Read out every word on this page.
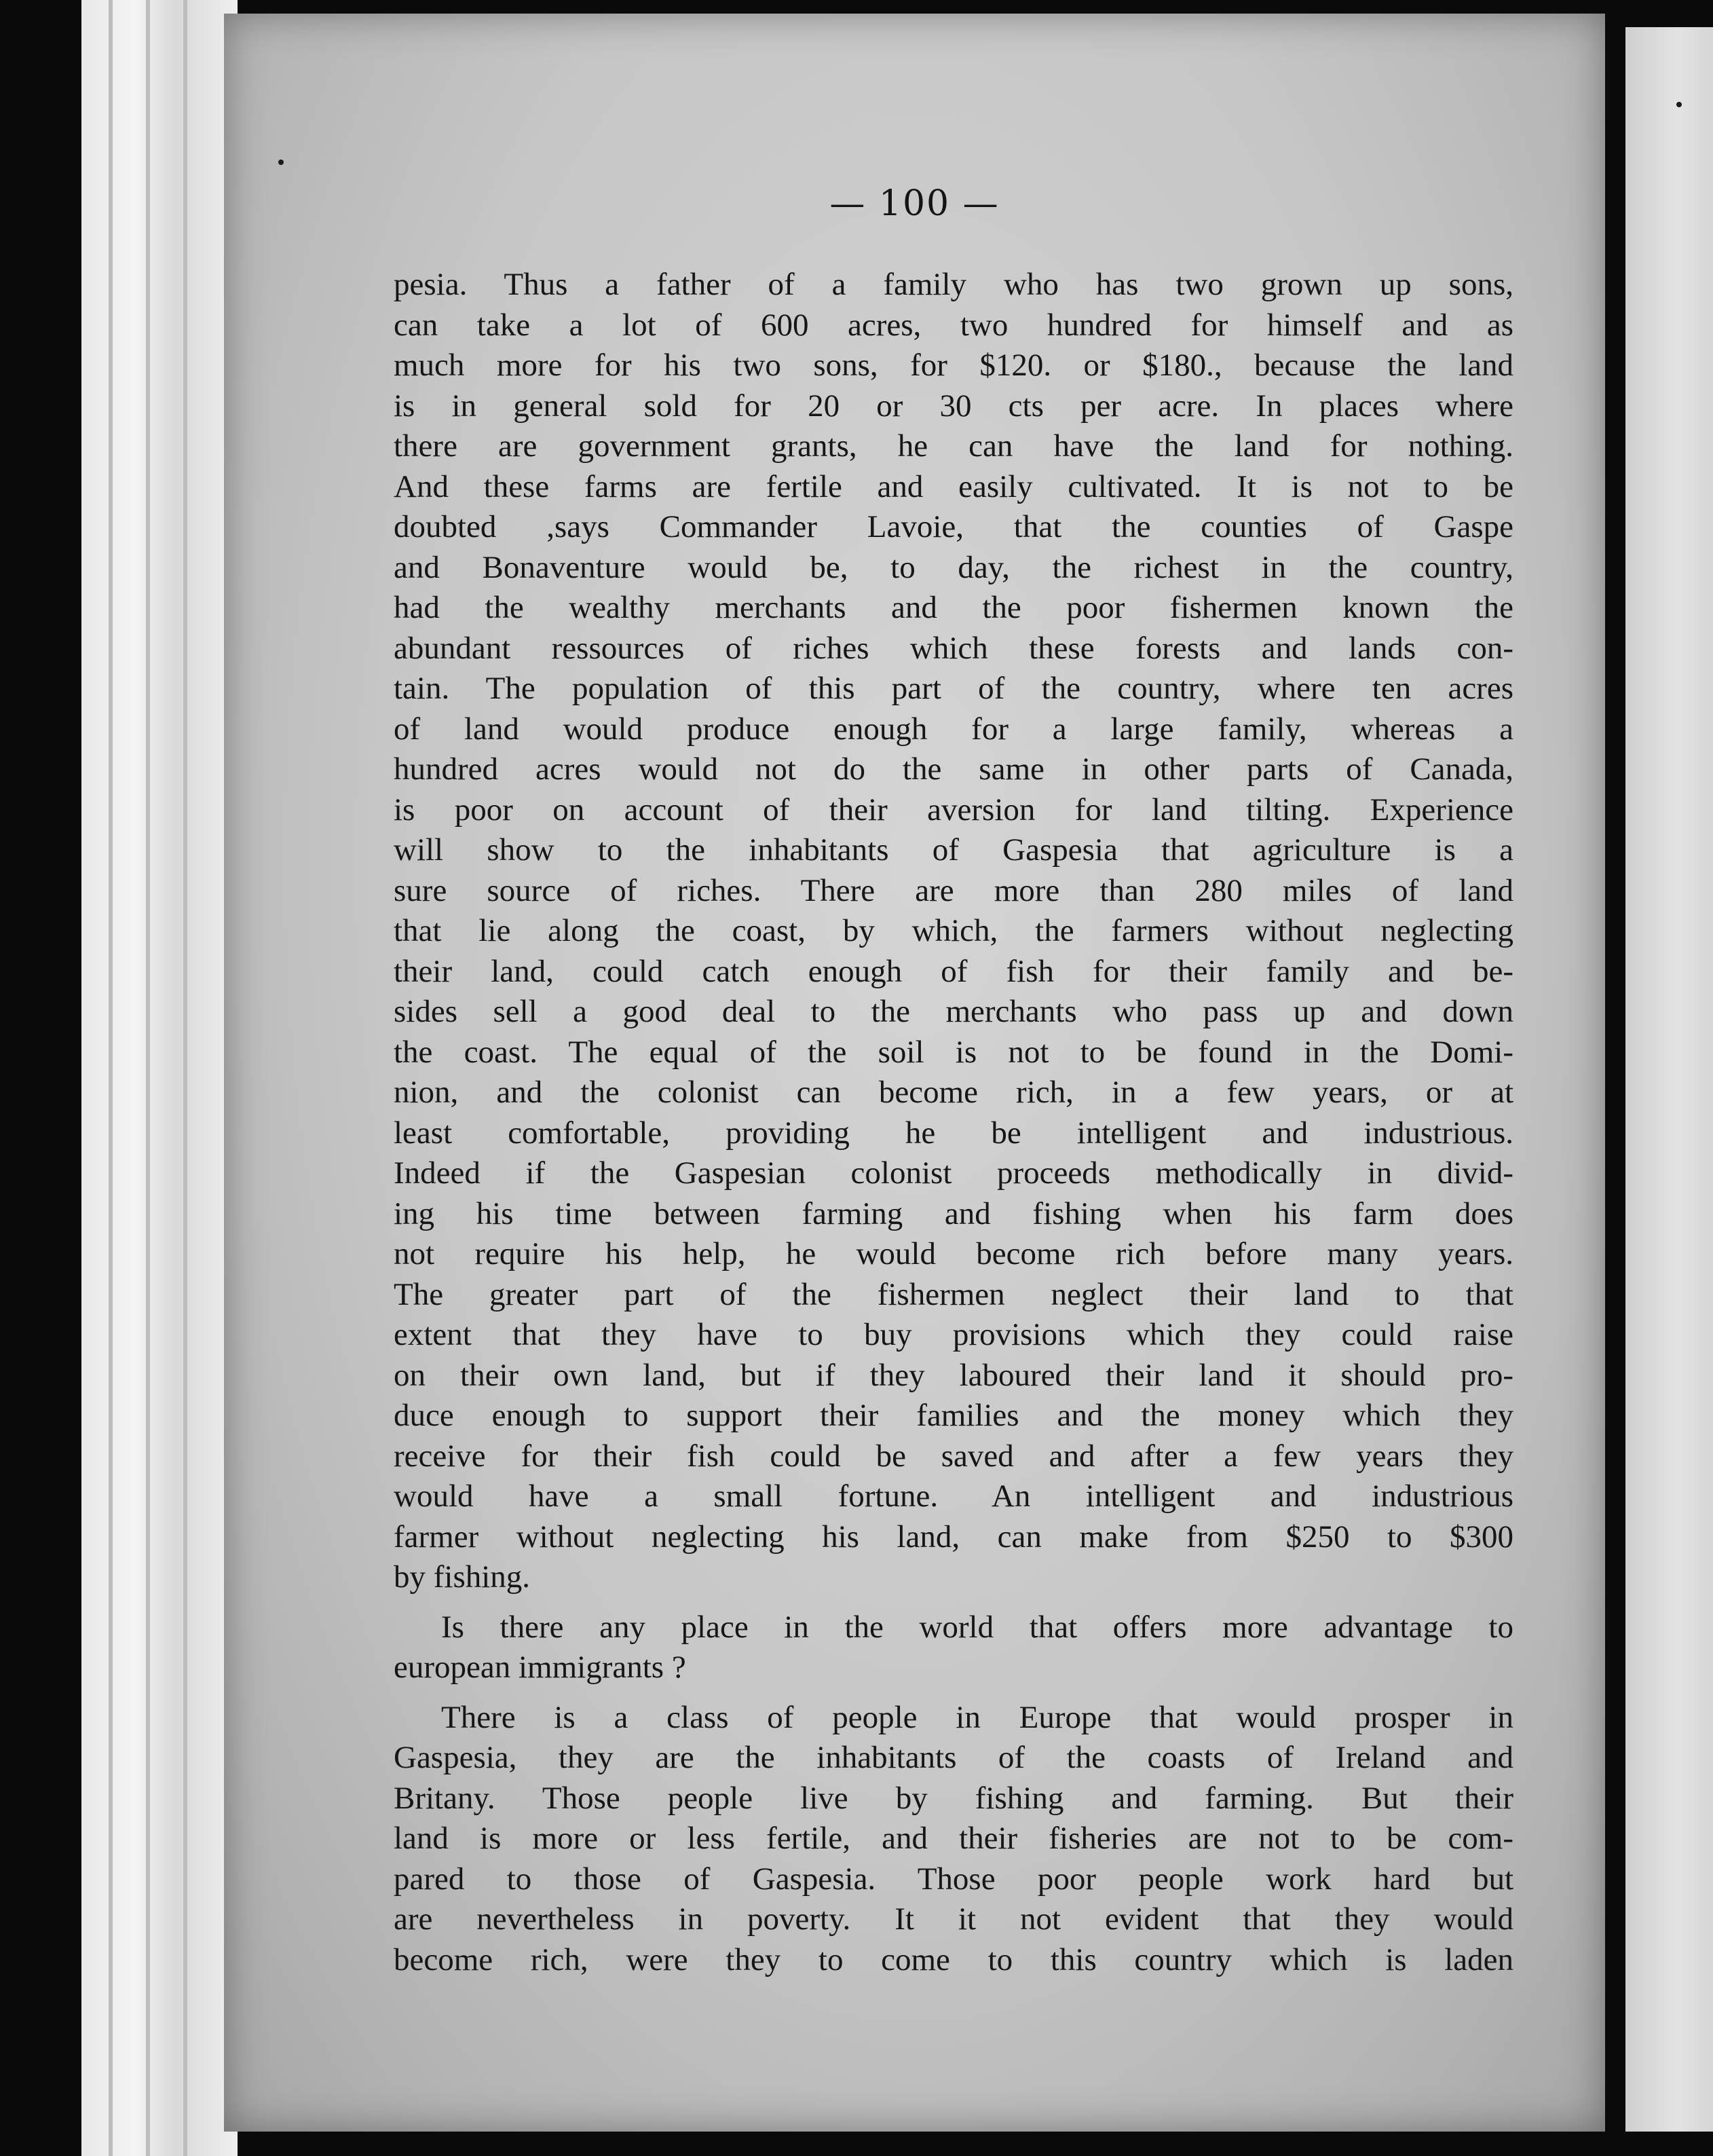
— 100 —
pesia. Thus a father of a family who has two grown up sons,
can take a lot of 600 acres, two hundred for himself and as
much more for his two sons, for $120. or $180., because the land
is in general sold for 20 or 30 cts per acre. In places where
there are government grants, he can have the land for nothing.
And these farms are fertile and easily cultivated. It is not to be
doubted ,says Commander Lavoie, that the counties of Gaspe
and Bonaventure would be, to day, the richest in the country,
had the wealthy merchants and the poor fishermen known the
abundant ressources of riches which these forests and lands con-
tain. The population of this part of the country, where ten acres
of land would produce enough for a large family, whereas a
hundred acres would not do the same in other parts of Canada,
is poor on account of their aversion for land tilting. Experience
will show to the inhabitants of Gaspesia that agriculture is a
sure source of riches. There are more than 280 miles of land
that lie along the coast, by which, the farmers without neglecting
their land, could catch enough of fish for their family and be-
sides sell a good deal to the merchants who pass up and down
the coast. The equal of the soil is not to be found in the Domi-
nion, and the colonist can become rich, in a few years, or at
least comfortable, providing he be intelligent and industrious.
Indeed if the Gaspesian colonist proceeds methodically in divid-
ing his time between farming and fishing when his farm does
not require his help, he would become rich before many years.
The greater part of the fishermen neglect their land to that
extent that they have to buy provisions which they could raise
on their own land, but if they laboured their land it should pro-
duce enough to support their families and the money which they
receive for their fish could be saved and after a few years they
would have a small fortune. An intelligent and industrious
farmer without neglecting his land, can make from $250 to $300
by fishing.
Is there any place in the world that offers more advantage to
european immigrants ?
There is a class of people in Europe that would prosper in
Gaspesia, they are the inhabitants of the coasts of Ireland and
Britany. Those people live by fishing and farming. But their
land is more or less fertile, and their fisheries are not to be com-
pared to those of Gaspesia. Those poor people work hard but
are nevertheless in poverty. It it not evident that they would
become rich, were they to come to this country which is laden
